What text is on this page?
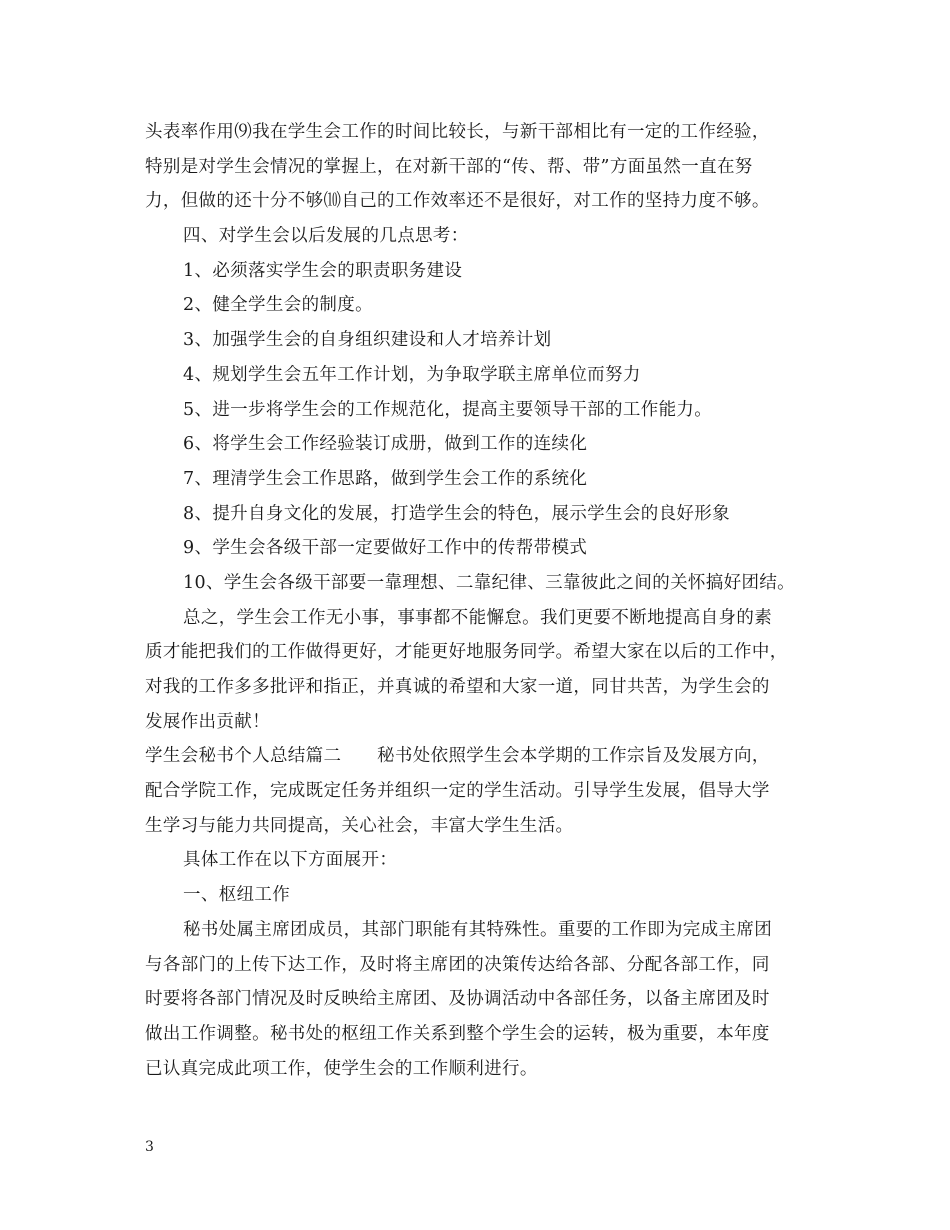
头表率作用⑼我在学生会工作的时间比较长，与新干部相比有一定的工作经验，
特别是对学生会情况的掌握上，在对新干部的“传、帮、带”方面虽然一直在努
力，但做的还十分不够⑽自己的工作效率还不是很好，对工作的坚持力度不够。
四、对学生会以后发展的几点思考：
1、必须落实学生会的职责职务建设
2、健全学生会的制度。
3、加强学生会的自身组织建设和人才培养计划
4、规划学生会五年工作计划，为争取学联主席单位而努力
5、进一步将学生会的工作规范化，提高主要领导干部的工作能力。
6、将学生会工作经验装订成册，做到工作的连续化
7、理清学生会工作思路，做到学生会工作的系统化
8、提升自身文化的发展，打造学生会的特色，展示学生会的良好形象
9、学生会各级干部一定要做好工作中的传帮带模式
10、学生会各级干部要一靠理想、二靠纪律、三靠彼此之间的关怀搞好团结。
总之，学生会工作无小事，事事都不能懈怠。我们更要不断地提高自身的素
质才能把我们的工作做得更好，才能更好地服务同学。希望大家在以后的工作中，
对我的工作多多批评和指正，并真诚的希望和大家一道，同甘共苦，为学生会的
发展作出贡献！
学生会秘书个人总结篇二　　秘书处依照学生会本学期的工作宗旨及发展方向，
配合学院工作，完成既定任务并组织一定的学生活动。引导学生发展，倡导大学
生学习与能力共同提高，关心社会，丰富大学生生活。
具体工作在以下方面展开：
一、枢纽工作
秘书处属主席团成员，其部门职能有其特殊性。重要的工作即为完成主席团
与各部门的上传下达工作，及时将主席团的决策传达给各部、分配各部工作，同
时要将各部门情况及时反映给主席团、及协调活动中各部任务，以备主席团及时
做出工作调整。秘书处的枢纽工作关系到整个学生会的运转，极为重要，本年度
已认真完成此项工作，使学生会的工作顺利进行。
3
